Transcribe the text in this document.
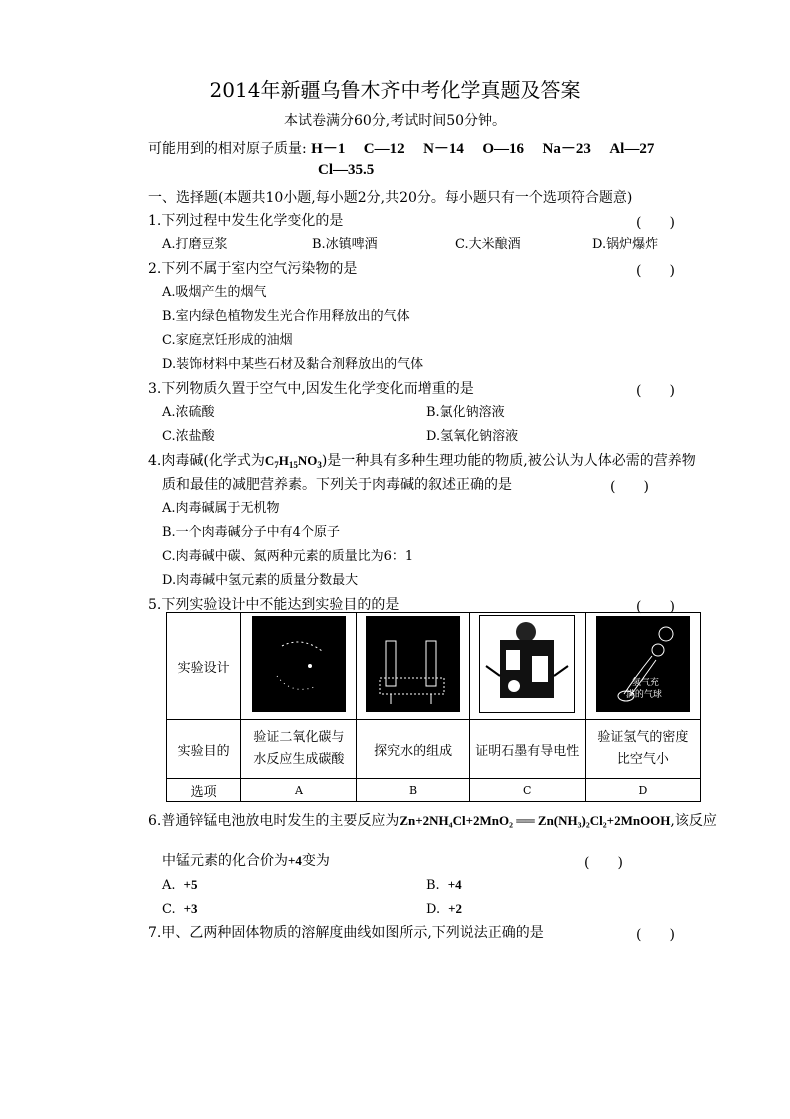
2014年新疆乌鲁木齐中考化学真题及答案
本试卷满分60分,考试时间50分钟。
可能用到的相对原子质量: H－1 C—12 N－14 O—16 Na－23 Al—27
Cl—35.5
一、选择题(本题共10小题,每小题2分,共20分。每小题只有一个选项符合题意)
1.下列过程中发生化学变化的是	(　　)
A.打磨豆浆	B.冰镇啤酒	C.大米酿酒	D.锅炉爆炸
2.下列不属于室内空气污染物的是	(　　)
A.吸烟产生的烟气
B.室内绿色植物发生光合作用释放出的气体
C.家庭烹饪形成的油烟
D.装饰材料中某些石材及黏合剂释放出的气体
3.下列物质久置于空气中,因发生化学变化而增重的是	(　　)
A.浓硫酸	B.氯化钠溶液
C.浓盐酸	D.氢氧化钠溶液
4.肉毒碱(化学式为$C_7H_{15}NO_3$)是一种具有多种生理功能的物质,被公认为人体必需的营养物
质和最佳的减肥营养素。下列关于肉毒碱的叙述正确的是	(　　)
A.肉毒碱属于无机物
B.一个肉毒碱分子中有4个原子
C.肉毒碱中碳、氮两种元素的质量比为6：1
D.肉毒碱中氢元素的质量分数最大
5.下列实验设计中不能达到实验目的的是	(　　)
实验设计				氢气充
满的气球

实验目的	验证二氧化碳与水反应生成碳酸	探究水的组成	证明石墨有导电性	验证氢气的密度比空气小
选项	A	B	C	D
6.普通锌锰电池放电时发生的主要反应为Zn+2NH₄Cl+2MnO₂ ══ Zn(NH₃)₂Cl₂+2MnOOH,该反应
中锰元素的化合价为+4变为	(　　)
A. +5	B. +4
C. +3	D. +2
7.甲、乙两种固体物质的溶解度曲线如图所示,下列说法正确的是	(　　)
